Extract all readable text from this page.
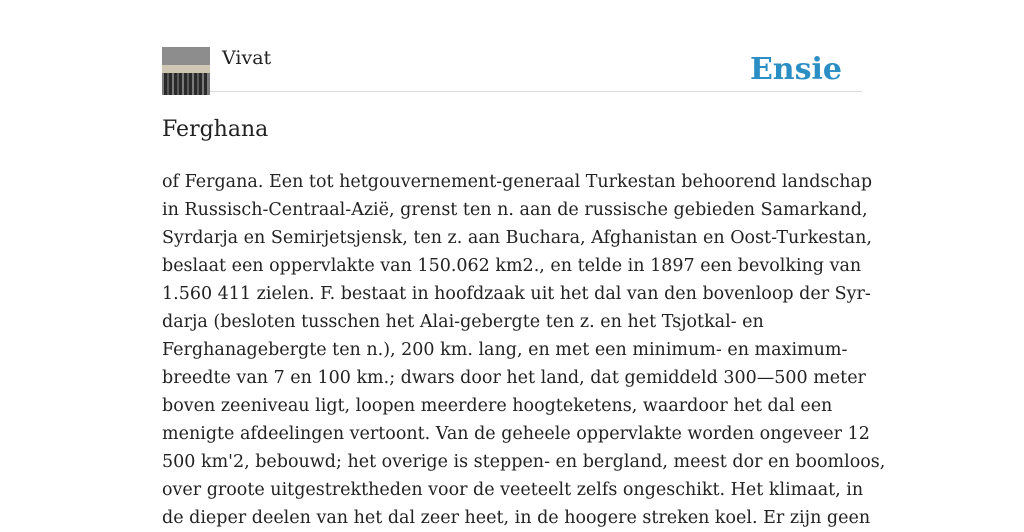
Vivat	Ensie
Ferghana
of Fergana. Een tot hetgouvernement-generaal Turkestan behoorend landschap
in Russisch-Centraal-Azië, grenst ten n. aan de russische gebieden Samarkand,
Syrdarja en Semirjetsjensk, ten z. aan Buchara, Afghanistan en Oost-Turkestan,
beslaat een oppervlakte van 150.062 km2., en telde in 1897 een bevolking van
1.560 411 zielen. F. bestaat in hoofdzaak uit het dal van den bovenloop der Syr-
darja (besloten tusschen het Alai-gebergte ten z. en het Tsjotkal- en
Ferghanagebergte ten n.), 200 km. lang, en met een minimum- en maximum-
breedte van 7 en 100 km.; dwars door het land, dat gemiddeld 300—500 meter
boven zeeniveau ligt, loopen meerdere hoogteketens, waardoor het dal een
menigte afdeelingen vertoont. Van de geheele oppervlakte worden ongeveer 12
500 km'2, bebouwd; het overige is steppen- en bergland, meest dor en boomloos,
over groote uitgestrektheden voor de veeteelt zelfs ongeschikt. Het klimaat, in
de dieper deelen van het dal zeer heet, in de hoogere streken koel. Er zijn geen
